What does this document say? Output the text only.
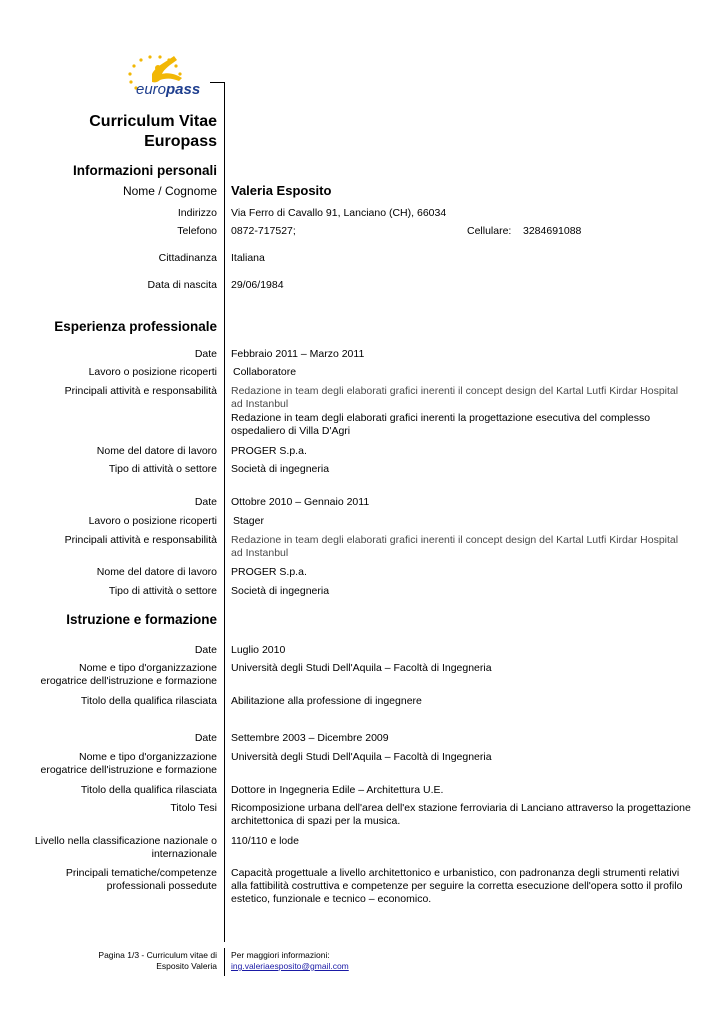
euro pass
Curriculum Vitae
Europass
Informazioni personali
Nome / Cognome Valeria Esposito
Indirizzo Via Ferro di Cavallo 91, Lanciano (CH), 66034
Telefono 0872-717527;	Cellulare: 3284691088
Cittadinanza Italiana
Data di nascita 29/06/1984
Esperienza professionale
Date Febbraio 2011 – Marzo 2011
Lavoro o posizione ricoperti Collaboratore
Principali attività e responsabilità Redazione in team degli elaborati grafici inerenti il concept design del Kartal Lutfi Kirdar Hospital ad Instanbul
Redazione in team degli elaborati grafici inerenti la progettazione esecutiva del complesso ospedaliero di Villa D'Agri
Nome del datore di lavoro PROGER S.p.a.
Tipo di attività o settore Società di ingegneria
Date Ottobre 2010 – Gennaio 2011
Lavoro o posizione ricoperti Stager
Principali attività e responsabilità Redazione in team degli elaborati grafici inerenti il concept design del Kartal Lutfi Kirdar Hospital ad Instanbul
Nome del datore di lavoro PROGER S.p.a.
Tipo di attività o settore Società di ingegneria
Istruzione e formazione
Date Luglio 2010
Nome e tipo d'organizzazione
erogatrice dell'istruzione e formazione
Università degli Studi Dell'Aquila – Facoltà di Ingegneria
Titolo della qualifica rilasciata Abilitazione alla professione di ingegnere
Date Settembre 2003 – Dicembre 2009
Nome e tipo d'organizzazione
erogatrice dell'istruzione e formazione
Università degli Studi Dell'Aquila – Facoltà di Ingegneria
Titolo della qualifica rilasciata Dottore in Ingegneria Edile – Architettura U.E.
Titolo Tesi Ricomposizione urbana dell'area dell'ex stazione ferroviaria di Lanciano attraverso la progettazione architettonica di spazi per la musica.
Livello nella classificazione nazionale o
internazionale
110/110 e lode
Principali tematiche/competenze
professionali possedute
Capacità progettuale a livello architettonico e urbanistico, con padronanza degli strumenti relativi alla fattibilità costruttiva e competenze per seguire la corretta esecuzione dell'opera sotto il profilo estetico, funzionale e tecnico – economico.
Pagina 1/3 - Curriculum vitae di
Esposito Valeria
Per maggiori informazioni:
ing.valeriaesposito@gmail.com
